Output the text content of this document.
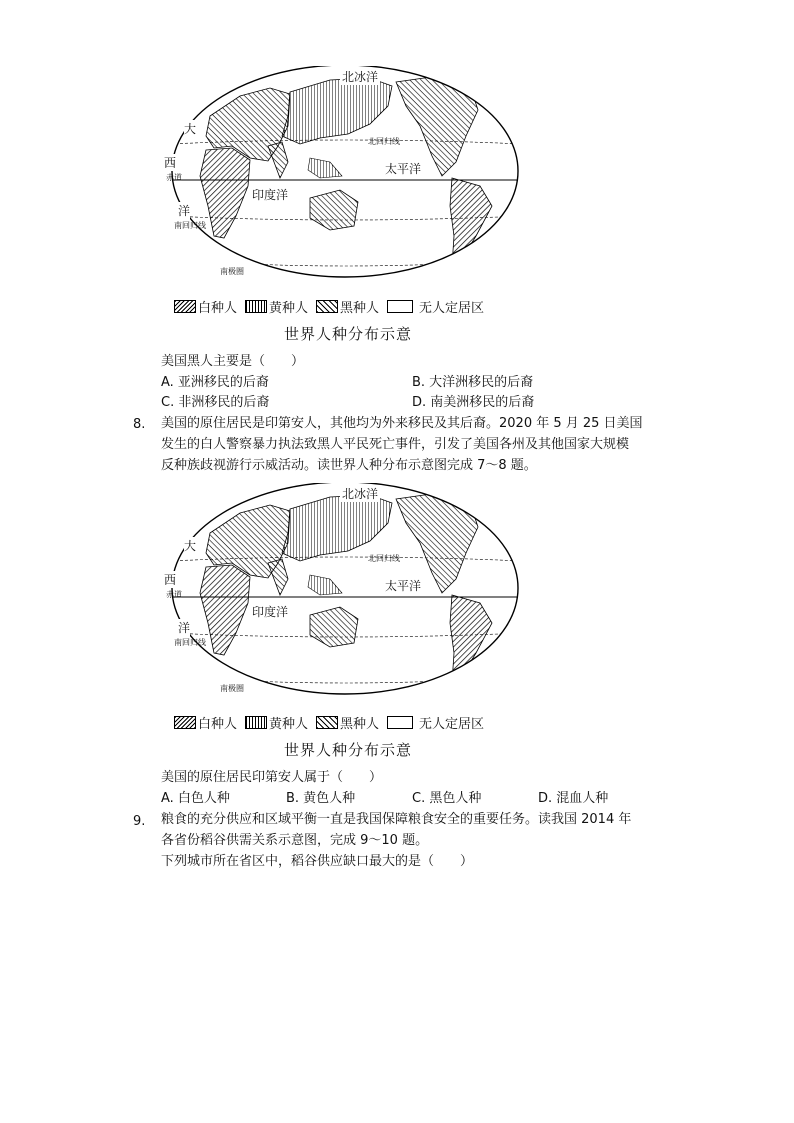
北冰洋
北回归线
太平洋
印度洋
大
西
赤道
洋
南回归线
南极圈
白种人 黄种人 黑种人	无人定居区
世界人种分布示意
美国黑人主要是（　　）
A. 亚洲移民的后裔	B. 大洋洲移民的后裔
C. 非洲移民的后裔	D. 南美洲移民的后裔
8. 美国的原住居民是印第安人，其他均为外来移民及其后裔。2020 年 5 月 25 日美国
发生的白人警察暴力执法致黑人平民死亡事件，引发了美国各州及其他国家大规模
反种族歧视游行示威活动。读世界人种分布示意图完成 7～8 题。
北冰洋
北回归线
太平洋
印度洋
大
西
赤道
洋
南回归线
南极圈
白种人 黄种人 黑种人	无人定居区
世界人种分布示意
美国的原住居民印第安人属于（　　）
A. 白色人种	B. 黄色人种	C. 黑色人种	D. 混血人种
9. 粮食的充分供应和区域平衡一直是我国保障粮食安全的重要任务。读我国 2014 年
各省份稻谷供需关系示意图，完成 9～10 题。
下列城市所在省区中，稻谷供应缺口最大的是（　　）
